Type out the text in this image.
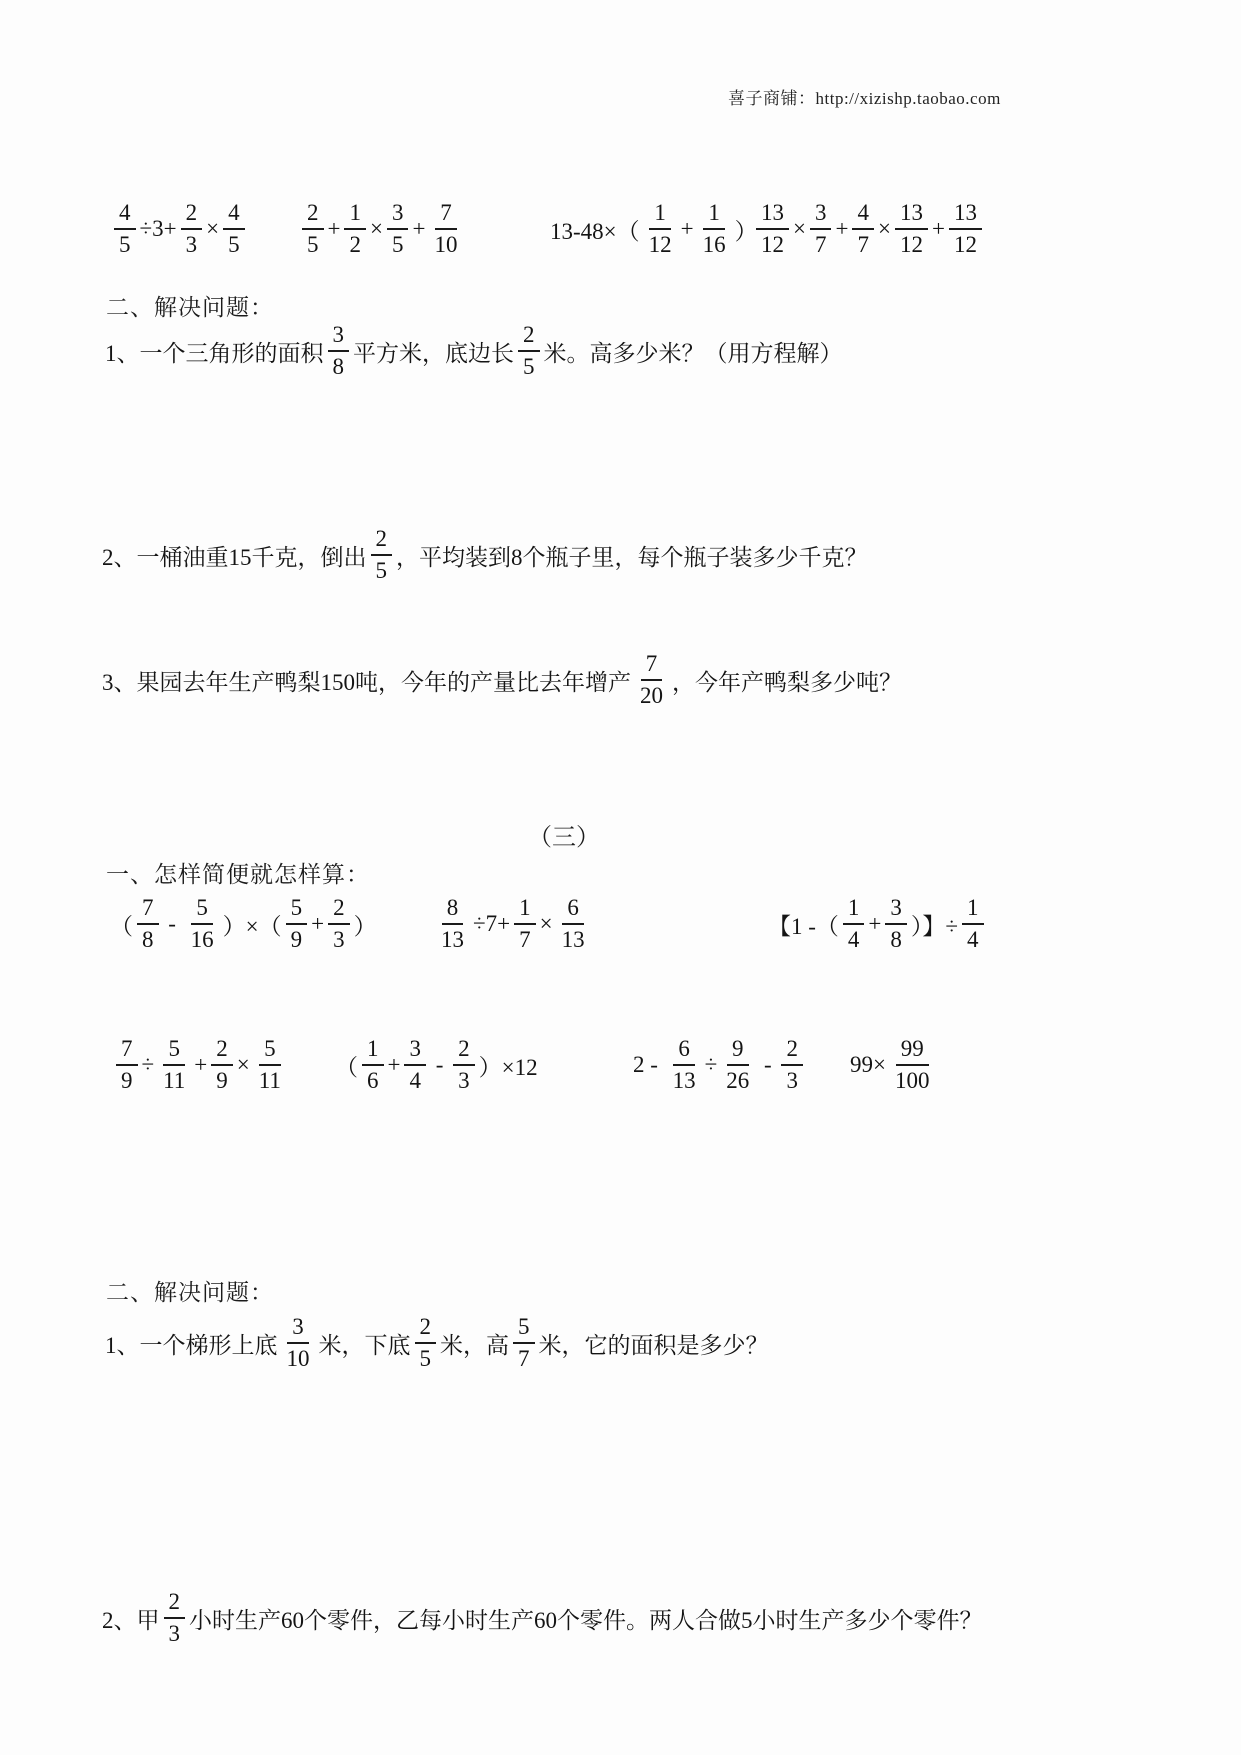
喜子商铺：http://xizishp.taobao.com
$\frac{4}{5} \div 3+ \frac{2}{3} \times \frac{4}{5} \frac{2}{5} + \frac{1}{2} \times \frac{3}{5} + \frac{7}{10}$	$13-48\times( \frac{1}{12} + \frac{1}{16}$ ）
$\frac{13}{12} \times \frac{3}{7} + \frac{4}{7} \times \frac{13}{12} + \frac{13}{12}$
二、解决问题：
1、一个三角形的面积 $\frac{3}{8}$ 平方米，底边长 $\frac{2}{5}$ 米。高多少米？（用方程解）
2、一桶油重15千克，倒出 $\frac{2}{5}$ ，平均装到8个瓶子里，每个瓶子装多少千克？
3、果园去年生产鸭梨150吨，今年的产量比去年增产 $\frac{7}{20}$ ，今年产鸭梨多少吨？
（三）
一、怎样简便就怎样算：
（ $\frac{7}{8} - \frac{5}{16}$ ）×（ $\frac{5}{9} + \frac{2}{3}$ ）	$\frac{8}{13} \div 7+ \frac{1}{7} \times \frac{6}{13}$	【1 -（ $\frac{1}{4} + \frac{3}{8}$ ）】÷ $\frac{1}{4}$
$\frac{7}{9} \div \frac{5}{11} + \frac{2}{9} \times \frac{5}{11}$ （ $\frac{1}{6} + \frac{3}{4} - \frac{2}{3} )\times 12$	$2 - \frac{6}{13} \div \frac{9}{26} - \frac{2}{3} 99\times \frac{99}{100}$
二、解决问题：
1、一个梯形上底 $\frac{3}{10}$ 米，下底 $\frac{2}{5}$ 米，高 $\frac{5}{7}$ 米，它的面积是多少？
2、甲 $\frac{2}{3}$ 小时生产60个零件，乙每小时生产60个零件。两人合做5小时生产多少个零件？
